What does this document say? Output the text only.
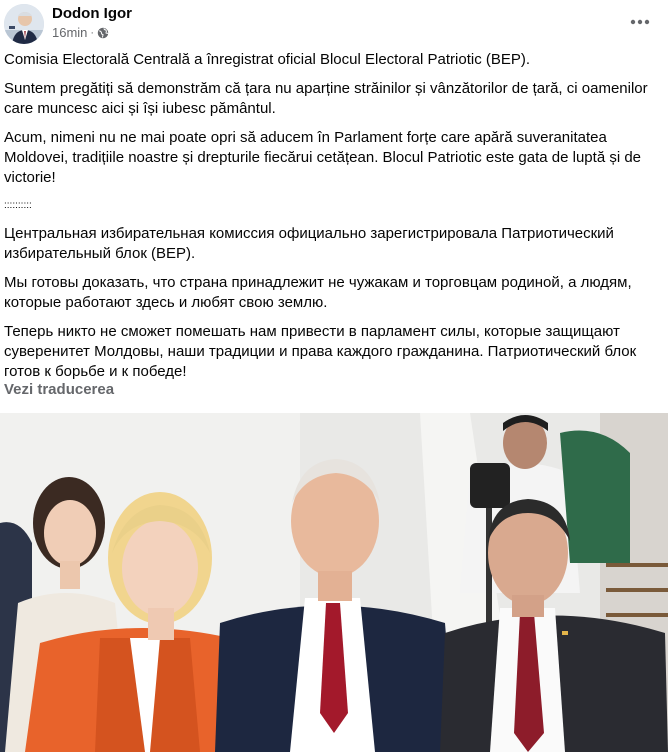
Dodon Igor
16min ·

Comisia Electorală Centrală a înregistrat oficial Blocul Electoral Patriotic (BEP).

Suntem pregătiți să demonstrăm că țara nu aparține străinilor și vânzătorilor de țară, ci oamenilor care muncesc aici și își iubesc pământul.

Acum, nimeni nu ne mai poate opri să aducem în Parlament forțe care apără suveranitatea Moldovei, tradițiile noastre și drepturile fiecărui cetățean. Blocul Patriotic este gata de luptă și de victorie!

::::::::::

Центральная избирательная комиссия официально зарегистрировала Патриотический избирательный блок (BEP).

Мы готовы доказать, что страна принадлежит не чужакам и торговцам родиной, а людям, которые работают здесь и любят свою землю.

Теперь никто не сможет помешать нам привести в парламент силы, которые защищают суверенитет Молдовы, наши традиции и права каждого гражданина. Патриотический блок готов к борьбе и к победе!

Vezi traducerea
